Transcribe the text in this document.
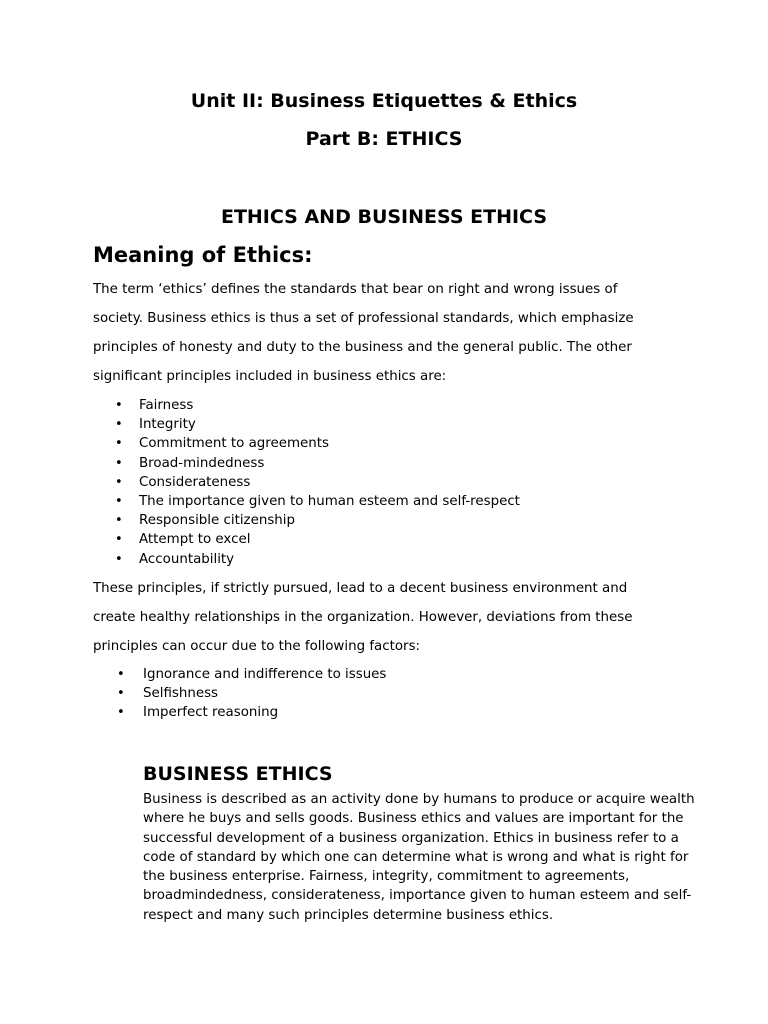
Unit II: Business Etiquettes & Ethics
Part B: ETHICS
ETHICS AND BUSINESS ETHICS
Meaning of Ethics:

The term ‘ethics’ defines the standards that bear on right and wrong issues of
society. Business ethics is thus a set of professional standards, which emphasize
principles of honesty and duty to the business and the general public. The other
significant principles included in business ethics are:

• Fairness
• Integrity
• Commitment to agreements
• Broad-mindedness
• Considerateness
• The importance given to human esteem and self-respect
• Responsible citizenship
• Attempt to excel
• Accountability

These principles, if strictly pursued, lead to a decent business environment and
create healthy relationships in the organization. However, deviations from these
principles can occur due to the following factors:

• Ignorance and indifference to issues
• Selfishness
• Imperfect reasoning
BUSINESS ETHICS

Business is described as an activity done by humans to produce or acquire wealth
where he buys and sells goods. Business ethics and values are important for the
successful development of a business organization. Ethics in business refer to a
code of standard by which one can determine what is wrong and what is right for
the business enterprise. Fairness, integrity, commitment to agreements,
broadmindedness, considerateness, importance given to human esteem and self-
respect and many such principles determine business ethics.
